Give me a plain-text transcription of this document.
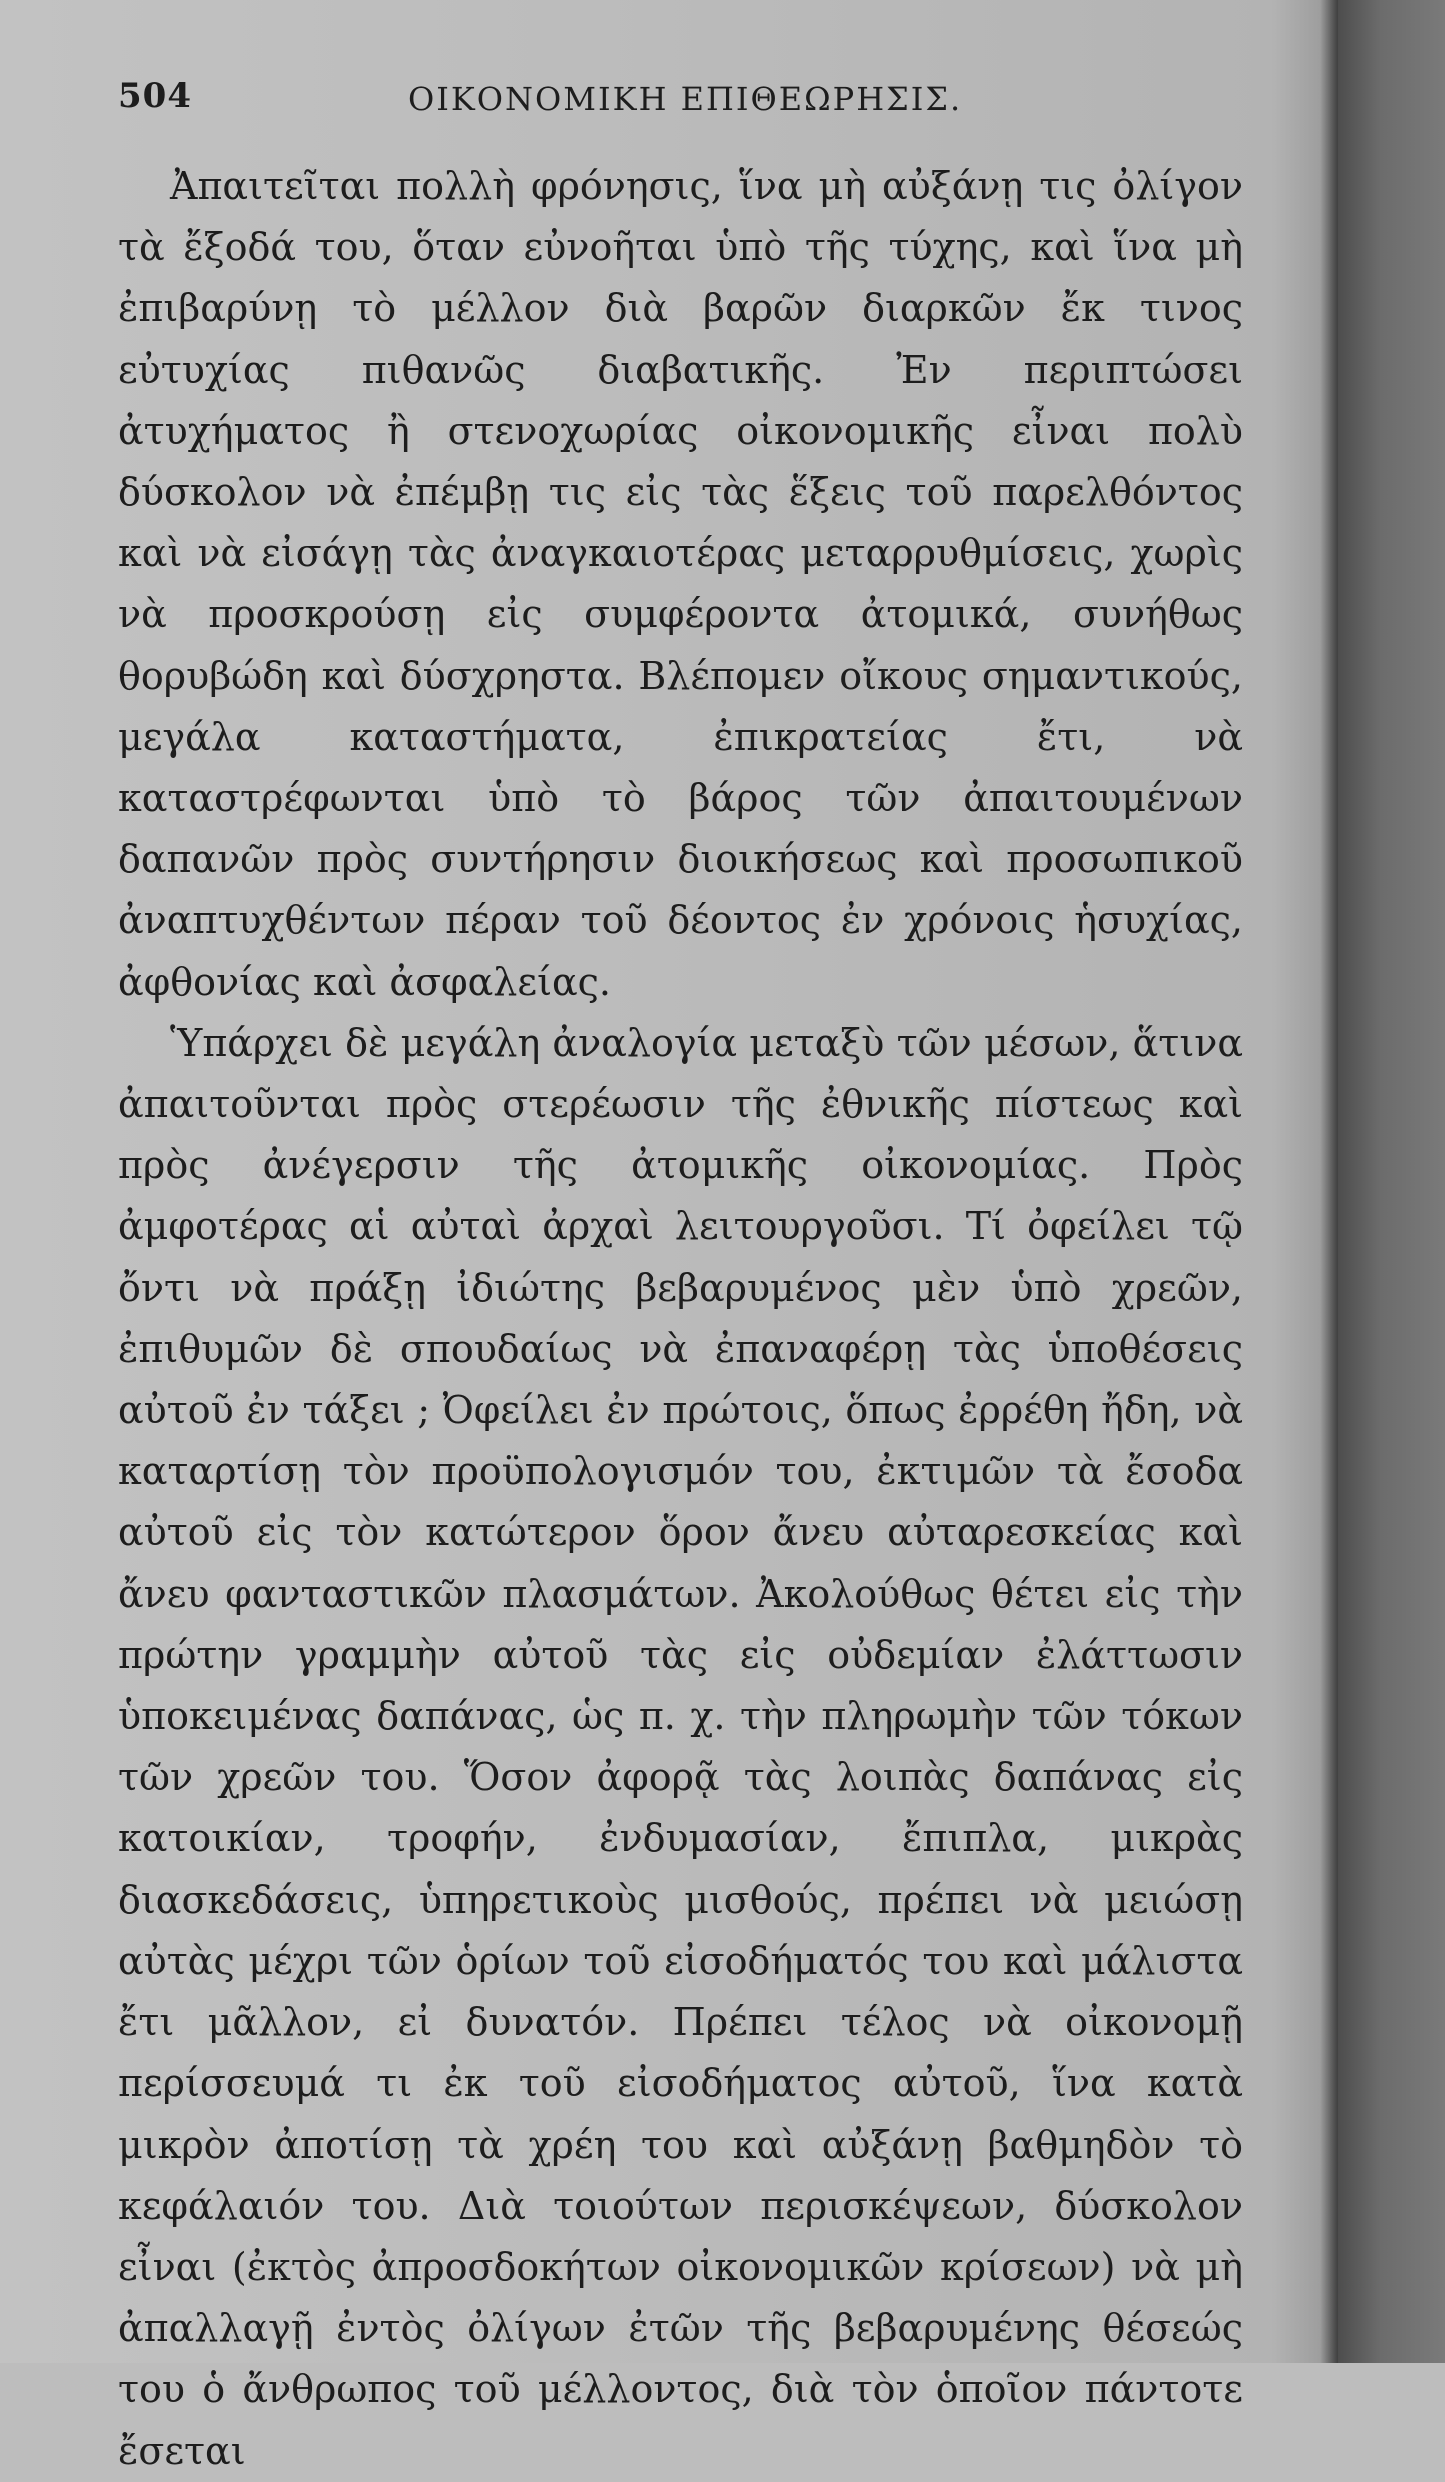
504	ΟΙΚΟΝΟΜΙΚΗ ΕΠΙΘΕΩΡΗΣΙΣ.

Ἀπαιτεῖται πολλὴ φρόνησις, ἵνα μὴ αὐξάνῃ τις ὀλίγον τὰ ἔξοδά του, ὅταν εὐνοῆται ὑπὸ τῆς τύχης, καὶ ἵνα μὴ ἐπιβαρύνῃ τὸ μέλλον διὰ βαρῶν διαρκῶν ἔκ τινος εὐτυχίας πιθανῶς διαβατικῆς. Ἐν περιπτώσει ἀτυχήματος ἢ στενοχωρίας οἰκονομικῆς εἶναι πολὺ δύσκολον νὰ ἐπέμβῃ τις εἰς τὰς ἕξεις τοῦ παρελθόντος καὶ νὰ εἰσάγῃ τὰς ἀναγκαιοτέρας μεταρρυθμίσεις, χωρὶς νὰ προσκρούσῃ εἰς συμφέροντα ἀτομικά, συνήθως θορυβώδη καὶ δύσχρηστα. Βλέπομεν οἴκους σημαντικούς, μεγάλα καταστήματα, ἐπικρατείας ἔτι, νὰ καταστρέφωνται ὑπὸ τὸ βάρος τῶν ἀπαιτουμένων δαπανῶν πρὸς συντήρησιν διοικήσεως καὶ προσωπικοῦ ἀναπτυχθέντων πέραν τοῦ δέοντος ἐν χρόνοις ἡσυχίας, ἀφθονίας καὶ ἀσφαλείας.

Ὑπάρχει δὲ μεγάλη ἀναλογία μεταξὺ τῶν μέσων, ἅτινα ἀπαιτοῦνται πρὸς στερέωσιν τῆς ἐθνικῆς πίστεως καὶ πρὸς ἀνέγερσιν τῆς ἀτομικῆς οἰκονομίας. Πρὸς ἀμφοτέρας αἱ αὐταὶ ἀρχαὶ λειτουργοῦσι. Τί ὀφείλει τῷ ὄντι νὰ πράξῃ ἰδιώτης βεβαρυμένος μὲν ὑπὸ χρεῶν, ἐπιθυμῶν δὲ σπουδαίως νὰ ἐπαναφέρῃ τὰς ὑποθέσεις αὐτοῦ ἐν τάξει ; Ὀφείλει ἐν πρώτοις, ὅπως ἐρρέθη ἤδη, νὰ καταρτίσῃ τὸν προϋπολογισμόν του, ἐκτιμῶν τὰ ἔσοδα αὐτοῦ εἰς τὸν κατώτερον ὅρον ἄνευ αὐταρεσκείας καὶ ἄνευ φανταστικῶν πλασμάτων. Ἀκολούθως θέτει εἰς τὴν πρώτην γραμμὴν αὐτοῦ τὰς εἰς οὐδεμίαν ἐλάττωσιν ὑποκειμένας δαπάνας, ὡς π. χ. τὴν πληρωμὴν τῶν τόκων τῶν χρεῶν του. Ὅσον ἀφορᾷ τὰς λοιπὰς δαπάνας εἰς κατοικίαν, τροφήν, ἐνδυμασίαν, ἔπιπλα, μικρὰς διασκεδάσεις, ὑπηρετικοὺς μισθούς, πρέπει νὰ μειώσῃ αὐτὰς μέχρι τῶν ὁρίων τοῦ εἰσοδήματός του καὶ μάλιστα ἔτι μᾶλλον, εἰ δυνατόν. Πρέπει τέλος νὰ οἰκονομῇ περίσσευμά τι ἐκ τοῦ εἰσοδήματος αὐτοῦ, ἵνα κατὰ μικρὸν ἀποτίσῃ τὰ χρέη του καὶ αὐξάνῃ βαθμηδὸν τὸ κεφάλαιόν του. Διὰ τοιούτων περισκέψεων, δύσκολον εἶναι (ἐκτὸς ἀπροσδοκήτων οἰκονομικῶν κρίσεων) νὰ μὴ ἀπαλλαγῇ ἐντὸς ὀλίγων ἐτῶν τῆς βεβαρυμένης θέσεώς του ὁ ἄνθρωπος τοῦ μέλλοντος, διὰ τὸν ὁποῖον πάντοτε ἔσεται
